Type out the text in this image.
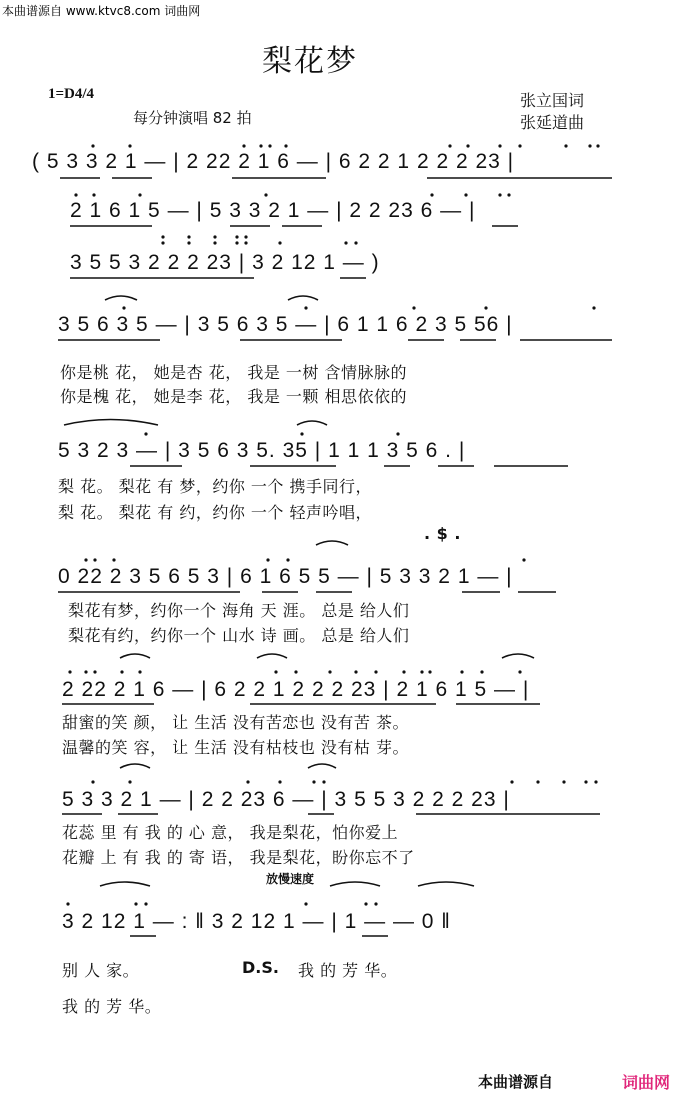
本曲谱源自 www.ktvc8.com 词曲网
梨花梦
1=D4/4
每分钟演唱 82 拍
张立国词
张延道曲
( 5 3 3 2 1 — | 2 22 2 1 6 — | 6 2 2 1 2 2 2 23 |
2 1 6 1 5 — | 5 3 3 2 1 — | 2 2 23 6 — |
3 5 5 3 2 2 2 23 | 3 2 12 1 — )
3 5 6 3 5 — | 3 5 6 3 5 — | 6 1 1 6 2 3 5 56 |
你是桃 花， 她是杏 花， 我是 一树 含情脉脉的
你是槐 花， 她是李 花， 我是 一颗 相思依依的
5 3 2 3 — | 3 5 6 3 5. 35 | 1 1 1 3 5 6 . |
梨 花。 梨花 有 梦，约你 一个 携手同行，
梨 花。 梨花 有 约，约你 一个 轻声吟唱，
. $ .
0 22 2 3 5 6 5 3 | 6 1 6 5 5 — | 5 3 3 2 1 — |
梨花有梦，约你一个 海角 天 涯。 总是 给人们
梨花有约，约你一个 山水 诗 画。 总是 给人们
2 22 2 1 6 — | 6 2 2 1 2 2 2 23 | 2 1 6 1 5 — |
甜蜜的笑 颜， 让 生活 没有苦恋也 没有苦 茶。
温馨的笑 容， 让 生活 没有枯枝也 没有枯 芽。
5 3 3 2 1 — | 2 2 23 6 — | 3 5 5 3 2 2 2 23 |
花蕊 里 有 我 的 心 意， 我是梨花，怕你爱上
花瓣 上 有 我 的 寄 语， 我是梨花，盼你忘不了
放慢速度
3 2 12 1 — : ‖ 3 2 12 1 — | 1 — — 0 ‖
别 人 家。	D.S. 我 的 芳 华。
我 的 芳 华。
本曲谱源自	词曲网
